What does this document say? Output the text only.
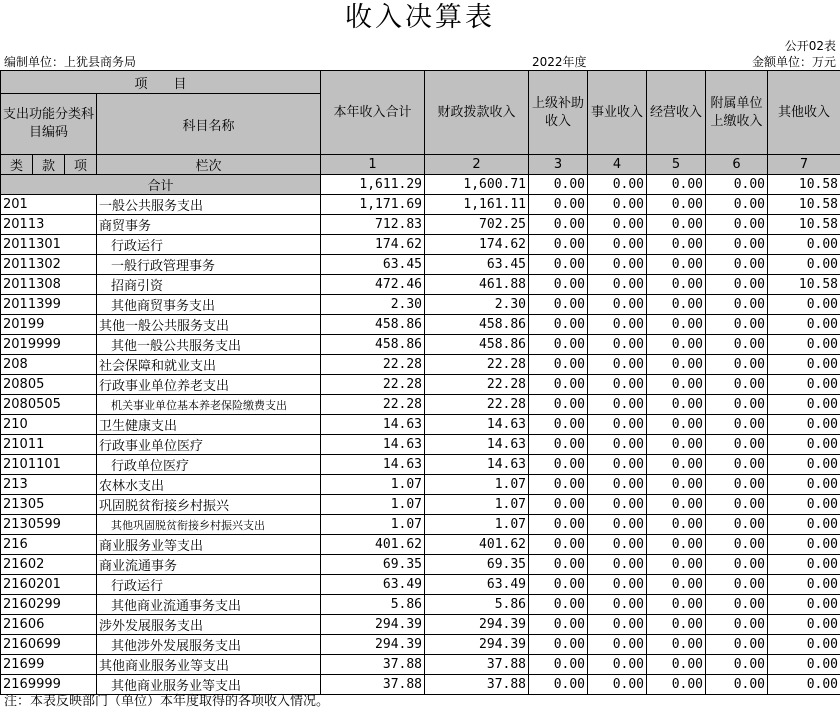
收入决算表
公开02表
编制单位：上犹县商务局	2022年度	金额单位：万元
项　　目				本年收入合计	财政拨款收入	上级补助收入	事业收入	经营收入	附属单位上缴收入	其他收入
支出功能分类科目编码			科目名称							
类	款	项	栏次	1	2	3	4	5	6	7
合计				1,611.29	1,600.71	0.00	0.00	0.00	0.00	10.58
201			一般公共服务支出	1,171.69	1,161.11	0.00	0.00	0.00	0.00	10.58
20113			商贸事务	712.83	702.25	0.00	0.00	0.00	0.00	10.58
2011301			行政运行	174.62	174.62	0.00	0.00	0.00	0.00	0.00
2011302			一般行政管理事务	63.45	63.45	0.00	0.00	0.00	0.00	0.00
2011308			招商引资	472.46	461.88	0.00	0.00	0.00	0.00	10.58
2011399			其他商贸事务支出	2.30	2.30	0.00	0.00	0.00	0.00	0.00
20199			其他一般公共服务支出	458.86	458.86	0.00	0.00	0.00	0.00	0.00
2019999			其他一般公共服务支出	458.86	458.86	0.00	0.00	0.00	0.00	0.00
208			社会保障和就业支出	22.28	22.28	0.00	0.00	0.00	0.00	0.00
20805			行政事业单位养老支出	22.28	22.28	0.00	0.00	0.00	0.00	0.00
2080505			机关事业单位基本养老保险缴费支出	22.28	22.28	0.00	0.00	0.00	0.00	0.00
210			卫生健康支出	14.63	14.63	0.00	0.00	0.00	0.00	0.00
21011			行政事业单位医疗	14.63	14.63	0.00	0.00	0.00	0.00	0.00
2101101			行政单位医疗	14.63	14.63	0.00	0.00	0.00	0.00	0.00
213			农林水支出	1.07	1.07	0.00	0.00	0.00	0.00	0.00
21305			巩固脱贫衔接乡村振兴	1.07	1.07	0.00	0.00	0.00	0.00	0.00
2130599			其他巩固脱贫衔接乡村振兴支出	1.07	1.07	0.00	0.00	0.00	0.00	0.00
216			商业服务业等支出	401.62	401.62	0.00	0.00	0.00	0.00	0.00
21602			商业流通事务	69.35	69.35	0.00	0.00	0.00	0.00	0.00
2160201			行政运行	63.49	63.49	0.00	0.00	0.00	0.00	0.00
2160299			其他商业流通事务支出	5.86	5.86	0.00	0.00	0.00	0.00	0.00
21606			涉外发展服务支出	294.39	294.39	0.00	0.00	0.00	0.00	0.00
2160699			其他涉外发展服务支出	294.39	294.39	0.00	0.00	0.00	0.00	0.00
21699			其他商业服务业等支出	37.88	37.88	0.00	0.00	0.00	0.00	0.00
2169999			其他商业服务业等支出	37.88	37.88	0.00	0.00	0.00	0.00	0.00
注：本表反映部门（单位）本年度取得的各项收入情况。
